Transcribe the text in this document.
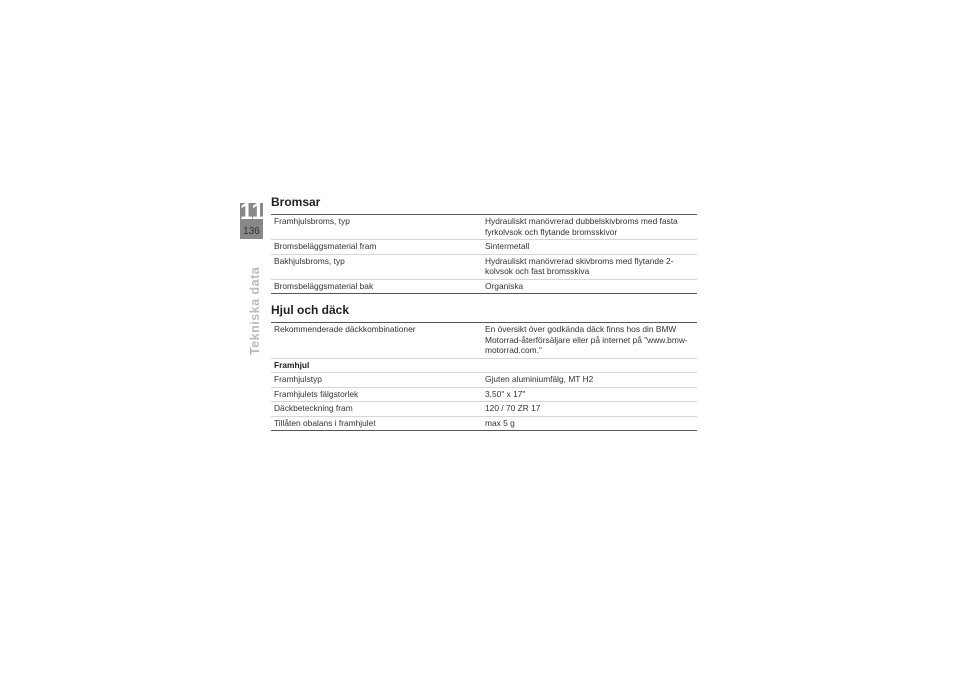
11
136
Tekniska data
Bromsar
Framhjulsbroms, typ	Hydrauliskt manövrerad dubbelskivbroms med fasta fyrkolvsok och flytande bromsskivor
Bromsbeläggsmaterial fram	Sintermetall
Bakhjulsbroms, typ	Hydrauliskt manövrerad skivbroms med flytande 2-kolvsok och fast bromsskiva
Bromsbeläggsmaterial bak	Organiska
Hjul och däck
Rekommenderade däckkombinationer	En översikt över godkända däck finns hos din BMW Motorrad-återförsäljare eller på internet på "www.bmw-motorrad.com."
Framhjul
Framhjulstyp	Gjuten aluminiumfälg, MT H2
Framhjulets fälgstorlek	3,50" x 17"
Däckbeteckning fram	120 / 70 ZR 17
Tillåten obalans i framhjulet	max 5 g
